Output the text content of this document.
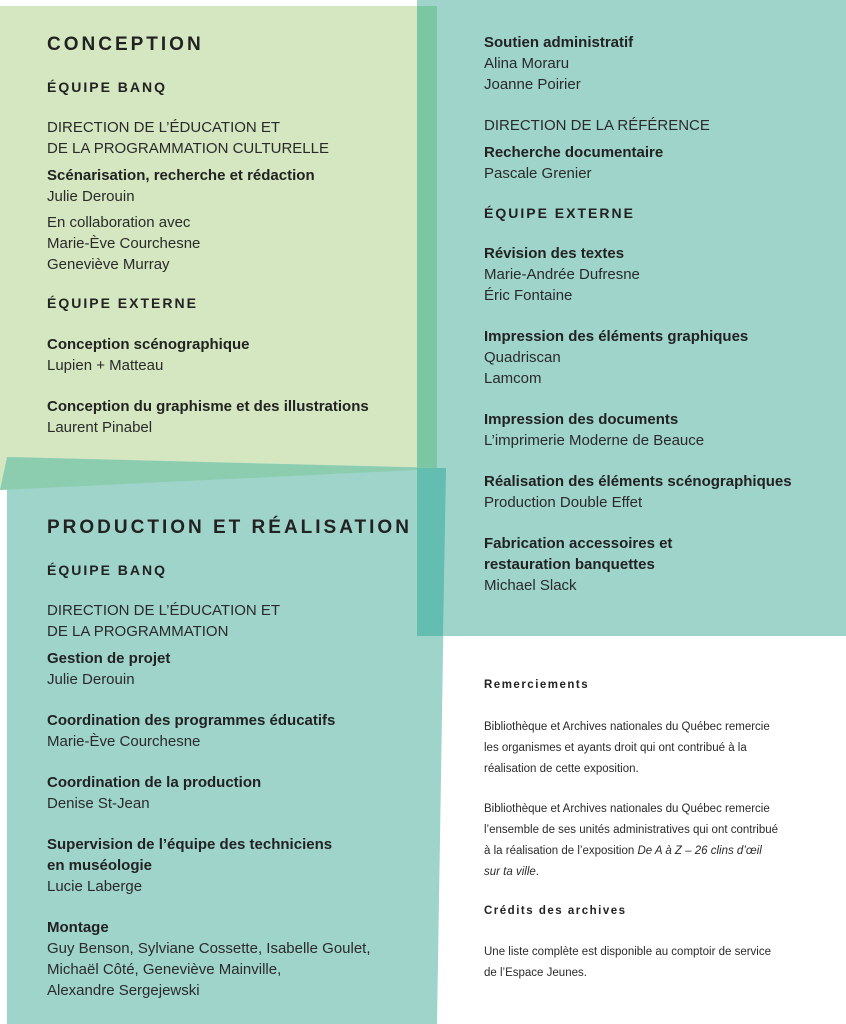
CONCEPTION

ÉQUIPE BANQ

DIRECTION DE L’ÉDUCATION ET

DE LA PROGRAMMATION CULTURELLE

Scénarisation, recherche et rédaction

Julie Derouin

En collaboration avec

Marie-Ève Courchesne

Geneviève Murray

ÉQUIPE EXTERNE

Conception scénographique

Lupien + Matteau

Conception du graphisme et des illustrations

Laurent Pinabel

Soutien administratif

Alina Moraru

Joanne Poirier

DIRECTION DE LA RÉFÉRENCE

Recherche documentaire

Pascale Grenier

ÉQUIPE EXTERNE

Révision des textes

Marie-Andrée Dufresne

Éric Fontaine

Impression des éléments graphiques

Quadriscan

Lamcom

Impression des documents

L’imprimerie Moderne de Beauce

Réalisation des éléments scénographiques

Production Double Effet

Fabrication accessoires et

restauration banquettes

Michael Slack

PRODUCTION ET RÉALISATION

ÉQUIPE BANQ

DIRECTION DE L’ÉDUCATION ET

DE LA PROGRAMMATION

Gestion de projet

Julie Derouin

Coordination des programmes éducatifs

Marie-Ève Courchesne

Coordination de la production

Denise St-Jean

Supervision de l’équipe des techniciens

en muséologie

Lucie Laberge

Montage

Guy Benson, Sylviane Cossette, Isabelle Goulet,

Michaël Côté, Geneviève Mainville,

Alexandre Sergejewski

Remerciements

Bibliothèque et Archives nationales du Québec remercie

les organismes et ayants droit qui ont contribué à la

réalisation de cette exposition.

Bibliothèque et Archives nationales du Québec remercie

l’ensemble de ses unités administratives qui ont contribué

à la réalisation de l’exposition De A à Z – 26 clins d’œil

sur ta ville.

Crédits des archives

Une liste complète est disponible au comptoir de service

de l’Espace Jeunes.
